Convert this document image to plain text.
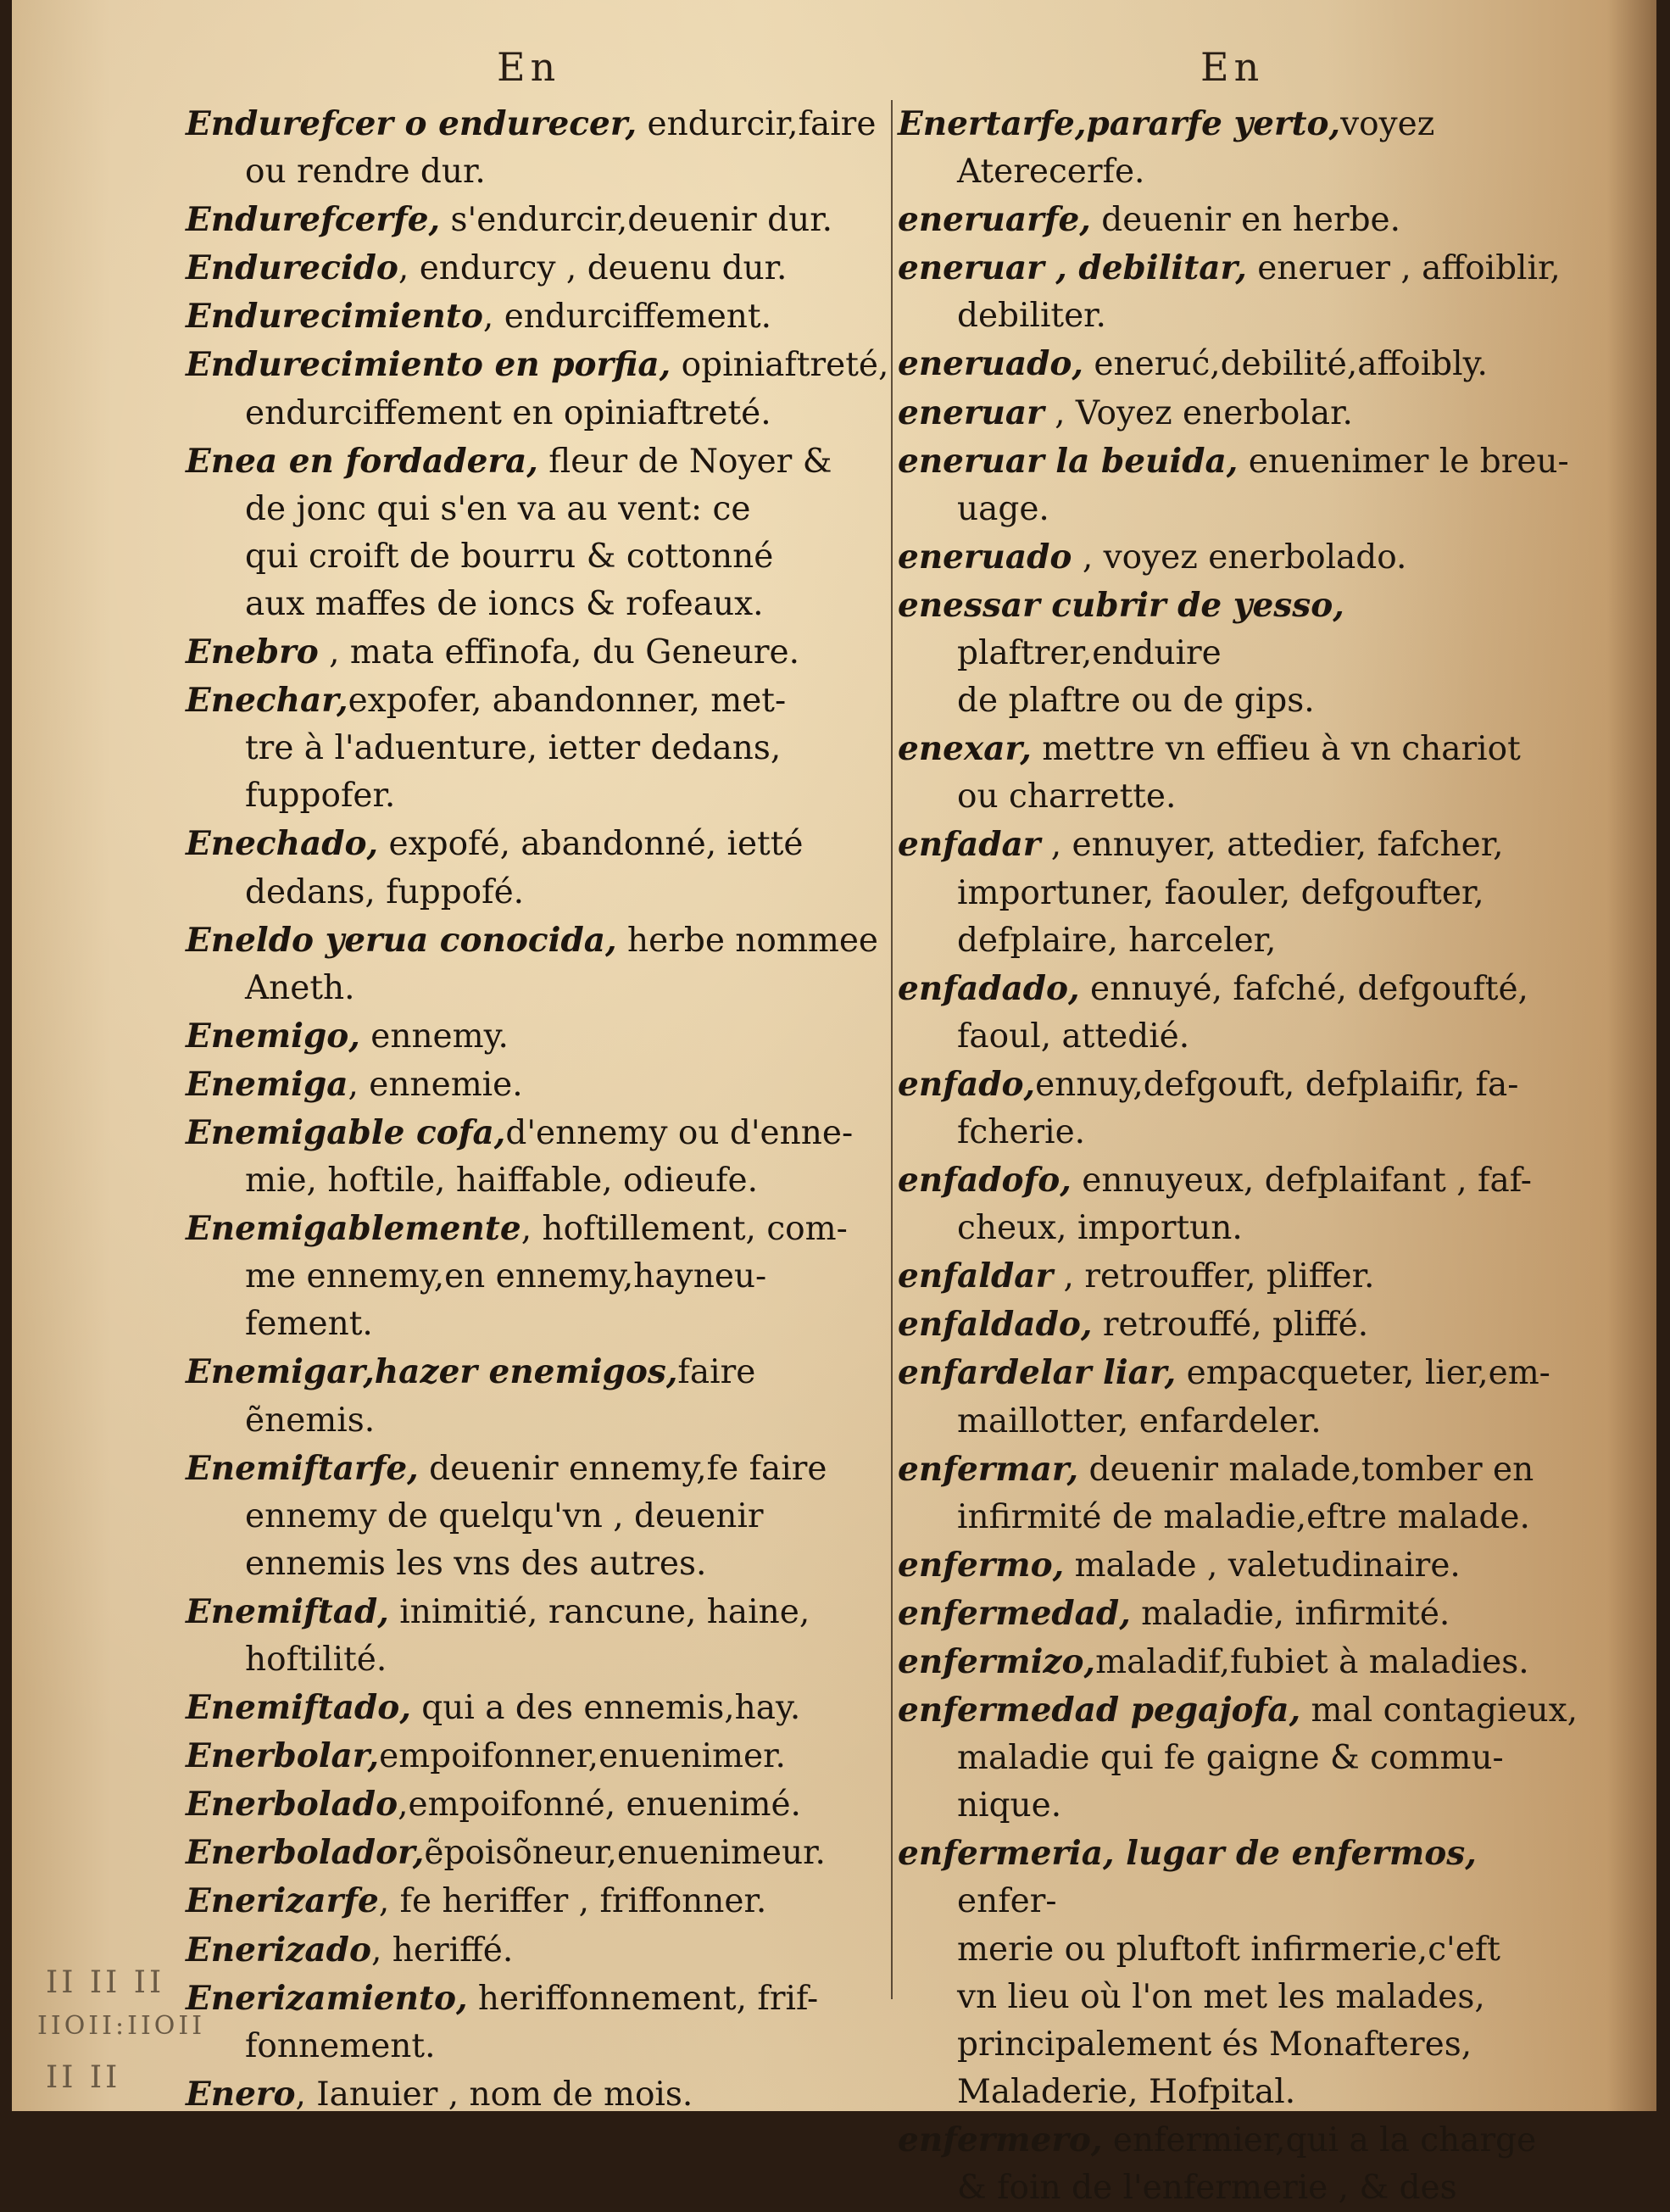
En	En
Endurefcer o endurecer, endurcir,faire
ou rendre dur.
Endurefcerfe, s'endurcir,deuenir dur.
Endurecido, endurcy , deuenu dur.
Endurecimiento, endurciffement.
Endurecimiento en porfia, opiniaftreté,
endurciffement en opiniaftreté.
Enea en fordadera, fleur de Noyer &
de jonc qui s'en va au vent: ce
qui croift de bourru & cottonné
aux maffes de ioncs & rofeaux.
Enebro , mata effinofa, du Geneure.
Enechar,expofer, abandonner, met-
tre à l'aduenture, ietter dedans,
fuppofer.
Enechado, expofé, abandonné, ietté
dedans, fuppofé.
Eneldo yerua conocida, herbe nommee
Aneth.
Enemigo, ennemy.
Enemiga, ennemie.
Enemigable cofa,d'ennemy ou d'enne-
mie, hoftile, haiffable, odieufe.
Enemigablemente, hoftillement, com-
me ennemy,en ennemy,hayneu-
fement.
Enemigar,hazer enemigos,faire ẽnemis.
Enemiftarfe, deuenir ennemy,fe faire
ennemy de quelqu'vn , deuenir
ennemis les vns des autres.
Enemiftad, inimitié, rancune, haine,
hoftilité.
Enemiftado, qui a des ennemis,hay.
Enerbolar,empoifonner,enuenimer.
Enerbolado,empoifonné, enuenimé.
Enerbolador,ẽpoisõneur,enuenimeur.
Enerizarfe, fe heriffer , friffonner.
Enerizado, heriffé.
Enerizamiento, heriffonnement, frif-
fonnement.
Enero, Ianuier , nom de mois.
Enertarfe,pararfe yerto,voyez Aterecerfe.
eneruarfe, deuenir en herbe.
eneruar , debilitar, eneruer , affoiblir,
debiliter.
eneruado, eneruć,debilité,affoibly.
eneruar , Voyez enerbolar.
eneruar la beuida, enuenimer le breu-
uage.
eneruado , voyez enerbolado.
enessar cubrir de yesso, plaftrer,enduire
de plaftre ou de gips.
enexar, mettre vn effieu à vn chariot
ou charrette.
enfadar , ennuyer, attedier, fafcher,
importuner, faouler, defgoufter,
defplaire, harceler,
enfadado, ennuyé, fafché, defgoufté,
faoul, attedié.
enfado,ennuy,defgouft, defplaifir, fa-
fcherie.
enfadofo, ennuyeux, defplaifant , faf-
cheux, importun.
enfaldar , retrouffer, pliffer.
enfaldado, retrouffé, pliffé.
enfardelar liar, empacqueter, lier,em-
maillotter, enfardeler.
enfermar, deuenir malade,tomber en
infirmité de maladie,eftre malade.
enfermo, malade , valetudinaire.
enfermedad, maladie, infirmité.
enfermizo,maladif,fubiet à maladies.
enfermedad pegajofa, mal contagieux,
maladie qui fe gaigne & commu-
nique.
enfermeria, lugar de enfermos, enfer-
merie ou pluftoft infirmerie,c'eft
vn lieu où l'on met les malades,
principalement és Monafteres,
Maladerie, Hofpital.
enfermero, enfermier,qui a la charge
& foin de l'enfermerie , & des
II II II
IIOII:IIOII
II II
